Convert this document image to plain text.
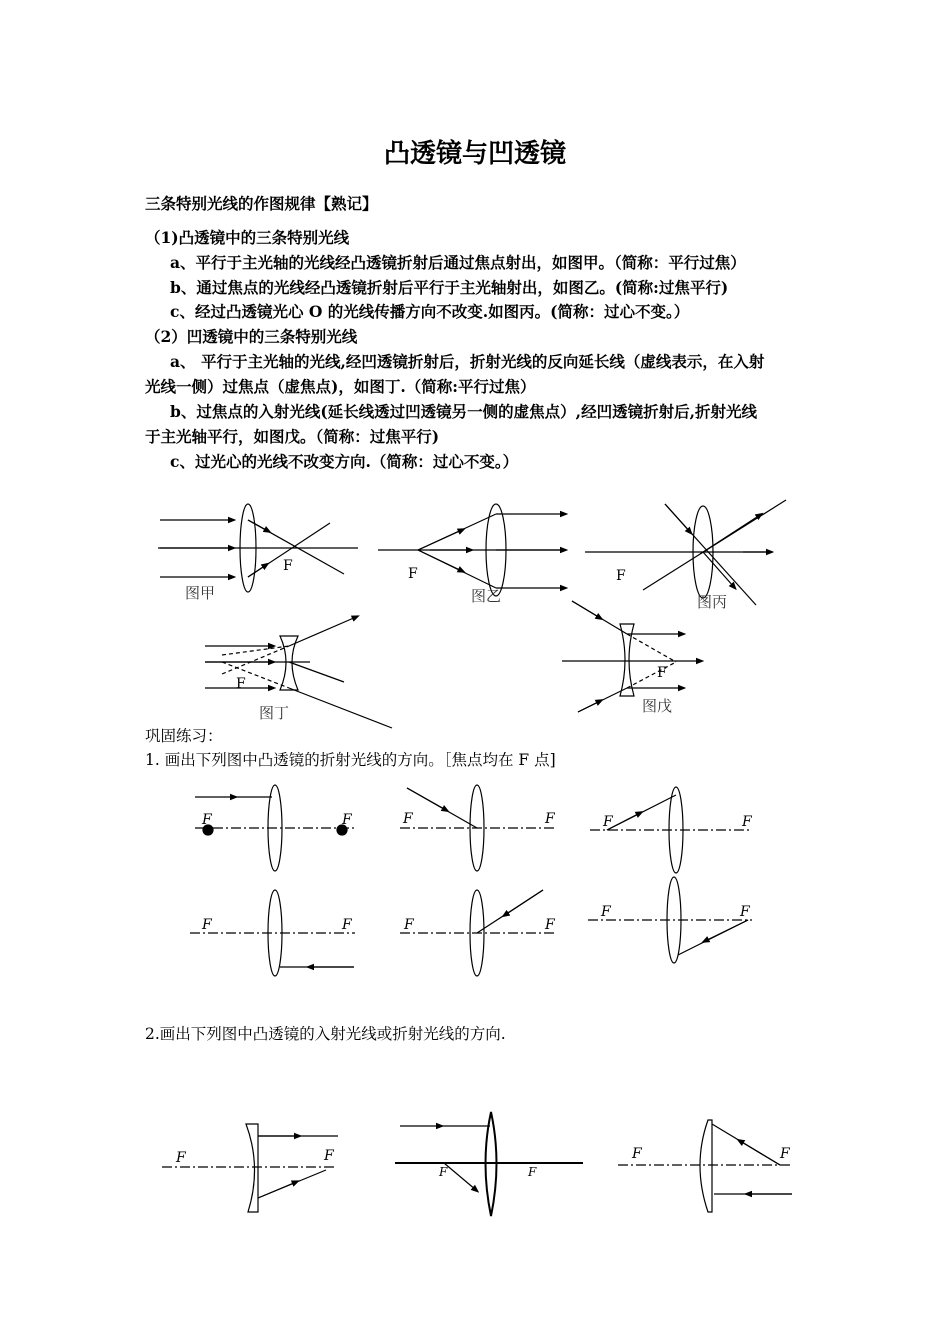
凸透镜与凹透镜
三条特别光线的作图规律【熟记】
（1)凸透镜中的三条特别光线
a、平行于主光轴的光线经凸透镜折射后通过焦点射出，如图甲。（简称：平行过焦）
b、通过焦点的光线经凸透镜折射后平行于主光轴射出，如图乙。(简称:过焦平行)
c、经过凸透镜光心 O 的光线传播方向不改变.如图丙。(简称：过心不变。）
（2）凹透镜中的三条特别光线
a、 平行于主光轴的光线,经凹透镜折射后，折射光线的反向延长线（虚线表示，在入射
光线一侧）过焦点（虚焦点)，如图丁.（简称:平行过焦）
b、过焦点的入射光线(延长线透过凹透镜另一侧的虚焦点）,经凹透镜折射后,折射光线
于主光轴平行，如图戊。（简称：过焦平行)
c、过光心的光线不改变方向.（简称：过心不变。）
F	F	F
F
F
图甲	图乙	图丙
图丁	图戊
巩固练习：
1. 画出下列图中凸透镜的折射光线的方向。［焦点均在 F 点]
F	F	F	F	F	F
F	F	F	F
F	F
2.画出下列图中凸透镜的入射光线或折射光线的方向.
F	F
F	F
F	F
